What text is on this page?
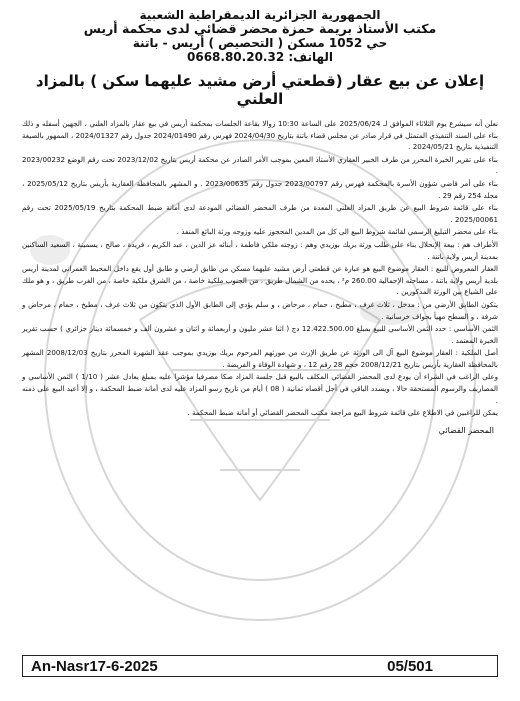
الجمهورية الجزائرية الديمقراطية الشعبية
مكتب الأستاذ بريمة حمزة محضر قضائي لدى محكمة أريس
حي 1052 مسكن ( التحصيص ) أريس - باتنة
الهاتف: 0668.80.20.32
إعلان عن بيع عقار (قطعتي أرض مشيد عليهما سكن ) بالمزاد العلني

نعلن أنه سيشرع يوم الثلاثاء الموافق لـ 2025/06/24 على الساعة 10:30 زوالا بقاعة الجلسات بمحكمة أريس في بيع عقار بالمزاد العلني ، الجهين أسفله و ذلك بناء على السند التنفيذي المتمثل في قرار صادر عن مجلس قضاء باتنة بتاريخ 2024/04/30 فهرس رقم 2024/01490 جدول رقم 2024/01327 ، الممهور بالصيغة التنفيذية بتاريخ 2024/05/21 .

بناء على تقرير الخبرة المحرر من طرف الخبير العقاري الأستاذ المعين بموجب الأمر الصادر عن محكمة أريس بتاريخ 2023/12/02 تحت رقم الوضع 2023/00232 .

بناء على أمر قاضي شؤون الأسرة بالمحكمة فهرس رقم 2023/00797 جدول رقم 2023/00635 . و المشهر بالمحافظة العقارية بأريس بتاريخ 2025/05/12 ، مجلد 254 رقم 29 .

بناء على قائمة شروط البيع عن طريق المزاد العلني المعدة من طرف المحضر القضائي المودعة لدى أمانة ضبط المحكمة بتاريخ 2025/05/19 تحت رقم 2025/00061 .

بناء على محضر التبليغ الرسمي لقائمة شروط البيع الى كل من المدين المحجوز عليه وزوجه ورثة البائع المنفذ .

الأطراف هم : بيعة الإنحلال بناء على طلب ورثة بريك بوزيدي وهم : زوجته ملكي فاطمة ، أبنائه عز الدين ، عبد الكريم ، فريدة ، صالح ، يسمينة ، السعيد الساكنين بمدينة أريس ولاية باتنة .

العقار المعروض للبيع : العقار موضوع البيع هو عبارة عن قطعتي أرض مشيد عليهما مسكن من طابق أرضي و طابق أول يقع داخل المحيط العمراني لمدينة أريس بلدية أريس ولاية باتنة ، مساحته الإجمالية 260.00 م² ، يحده من الشمال طريق ، من الجنوب ملكية خاصة ، من الشرق ملكية خاصة ، من الغرب طريق ، و هو ملك على الشياع بين الورثة المذكورين .

يتكون الطابق الأرضي من : مدخل ، ثلاث غرف ، مطبخ ، حمام ، مرحاض ، و سلم يؤدي إلى الطابق الأول الذي يتكون من ثلاث غرف ، مطبخ ، حمام ، مرحاض و شرفة ، و السطح مهيأ بحواف خرسانية .

الثمن الأساسي : حدد الثمن الأساسي للبيع بمبلغ 12.422.500.00 دج ( اثنا عشر مليون و أربعمائة و اثنان و عشرون ألف و خمسمائة دينار جزائري ) حسب تقرير الخبرة المعتمد .

أصل الملكية : العقار موضوع البيع آل الى الورثة عن طريق الإرث من مورثهم المرحوم بريك بوزيدي بموجب عقد الشهرة المحرر بتاريخ 2008/12/03 المشهر بالمحافظة العقارية بأريس بتاريخ 2008/12/21 حجم 28 رقم 12 ، و شهادة الوفاة و الفريضة .

وعلى الراغب في الشراء أن يودع لدى المحضر القضائي المكلف بالبيع قبل جلسة المزاد صكا مصرفيا مؤشرا عليه بمبلغ يعادل عشر ( 1/10 ) الثمن الأساسي و المصاريف والرسوم المستحقة حالا ، ويسدد الباقي في أجل أقصاه ثمانية ( 08 ) أيام من تاريخ رسو المزاد عليه لدى أمانة ضبط المحكمة ، و إلا أعيد البيع على ذمته .

يمكن للراغبين في الاطلاع على قائمة شروط البيع مراجعة مكتب المحضر القضائي أو أمانة ضبط المحكمة .

المحضر القضائي
An-Nasr17-6-2025	05/501
